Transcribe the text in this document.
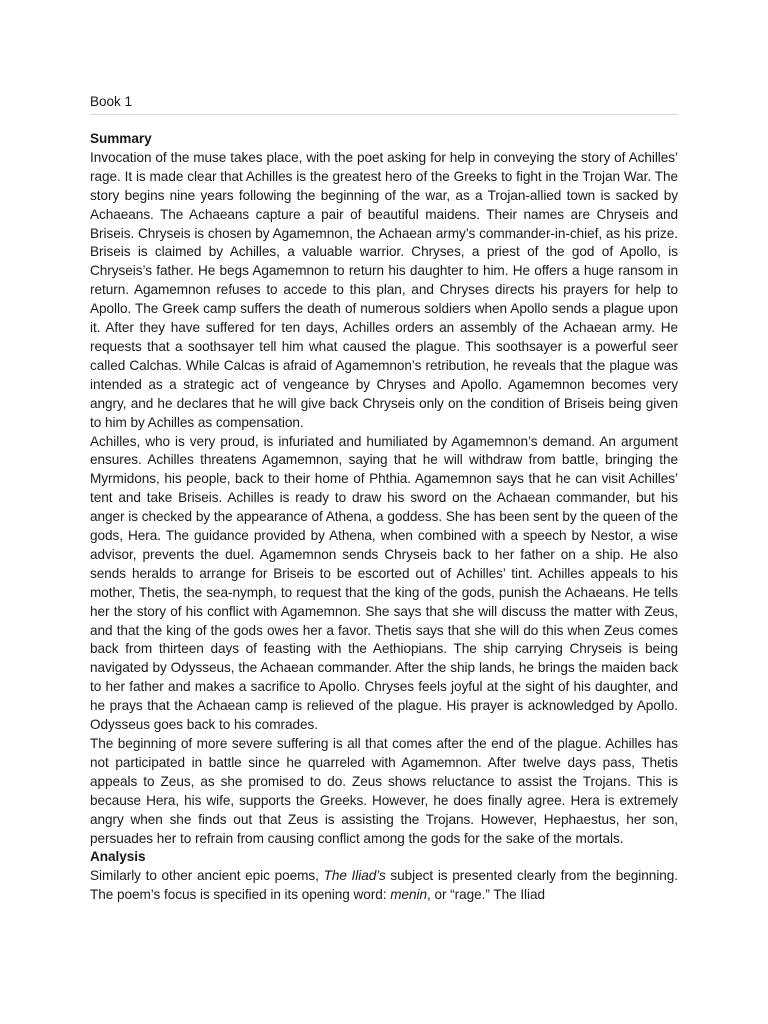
Book 1

Summary

Invocation of the muse takes place, with the poet asking for help in conveying the story of Achilles’ rage. It is made clear that Achilles is the greatest hero of the Greeks to fight in the Trojan War. The story begins nine years following the beginning of the war, as a Trojan-allied town is sacked by Achaeans. The Achaeans capture a pair of beautiful maidens. Their names are Chryseis and Briseis. Chryseis is chosen by Agamemnon, the Achaean army’s commander-in-chief, as his prize. Briseis is claimed by Achilles, a valuable warrior. Chryses, a priest of the god of Apollo, is Chryseis’s father. He begs Agamemnon to return his daughter to him. He offers a huge ransom in return. Agamemnon refuses to accede to this plan, and Chryses directs his prayers for help to Apollo. The Greek camp suffers the death of numerous soldiers when Apollo sends a plague upon it. After they have suffered for ten days, Achilles orders an assembly of the Achaean army. He requests that a soothsayer tell him what caused the plague. This soothsayer is a powerful seer called Calchas. While Calcas is afraid of Agamemnon’s retribution, he reveals that the plague was intended as a strategic act of vengeance by Chryses and Apollo. Agamemnon becomes very angry, and he declares that he will give back Chryseis only on the condition of Briseis being given to him by Achilles as compensation.

Achilles, who is very proud, is infuriated and humiliated by Agamemnon’s demand. An argument ensures. Achilles threatens Agamemnon, saying that he will withdraw from battle, bringing the Myrmidons, his people, back to their home of Phthia. Agamemnon says that he can visit Achilles’ tent and take Briseis. Achilles is ready to draw his sword on the Achaean commander, but his anger is checked by the appearance of Athena, a goddess. She has been sent by the queen of the gods, Hera. The guidance provided by Athena, when combined with a speech by Nestor, a wise advisor, prevents the duel. Agamemnon sends Chryseis back to her father on a ship. He also sends heralds to arrange for Briseis to be escorted out of Achilles’ tint. Achilles appeals to his mother, Thetis, the sea-nymph, to request that the king of the gods, punish the Achaeans. He tells her the story of his conflict with Agamemnon. She says that she will discuss the matter with Zeus, and that the king of the gods owes her a favor. Thetis says that she will do this when Zeus comes back from thirteen days of feasting with the Aethiopians. The ship carrying Chryseis is being navigated by Odysseus, the Achaean commander. After the ship lands, he brings the maiden back to her father and makes a sacrifice to Apollo. Chryses feels joyful at the sight of his daughter, and he prays that the Achaean camp is relieved of the plague. His prayer is acknowledged by Apollo. Odysseus goes back to his comrades.

The beginning of more severe suffering is all that comes after the end of the plague. Achilles has not participated in battle since he quarreled with Agamemnon. After twelve days pass, Thetis appeals to Zeus, as she promised to do. Zeus shows reluctance to assist the Trojans. This is because Hera, his wife, supports the Greeks. However, he does finally agree. Hera is extremely angry when she finds out that Zeus is assisting the Trojans. However, Hephaestus, her son, persuades her to refrain from causing conflict among the gods for the sake of the mortals.

Analysis

Similarly to other ancient epic poems, The Iliad’s subject is presented clearly from the beginning. The poem’s focus is specified in its opening word: menin, or “rage.” The Iliad
